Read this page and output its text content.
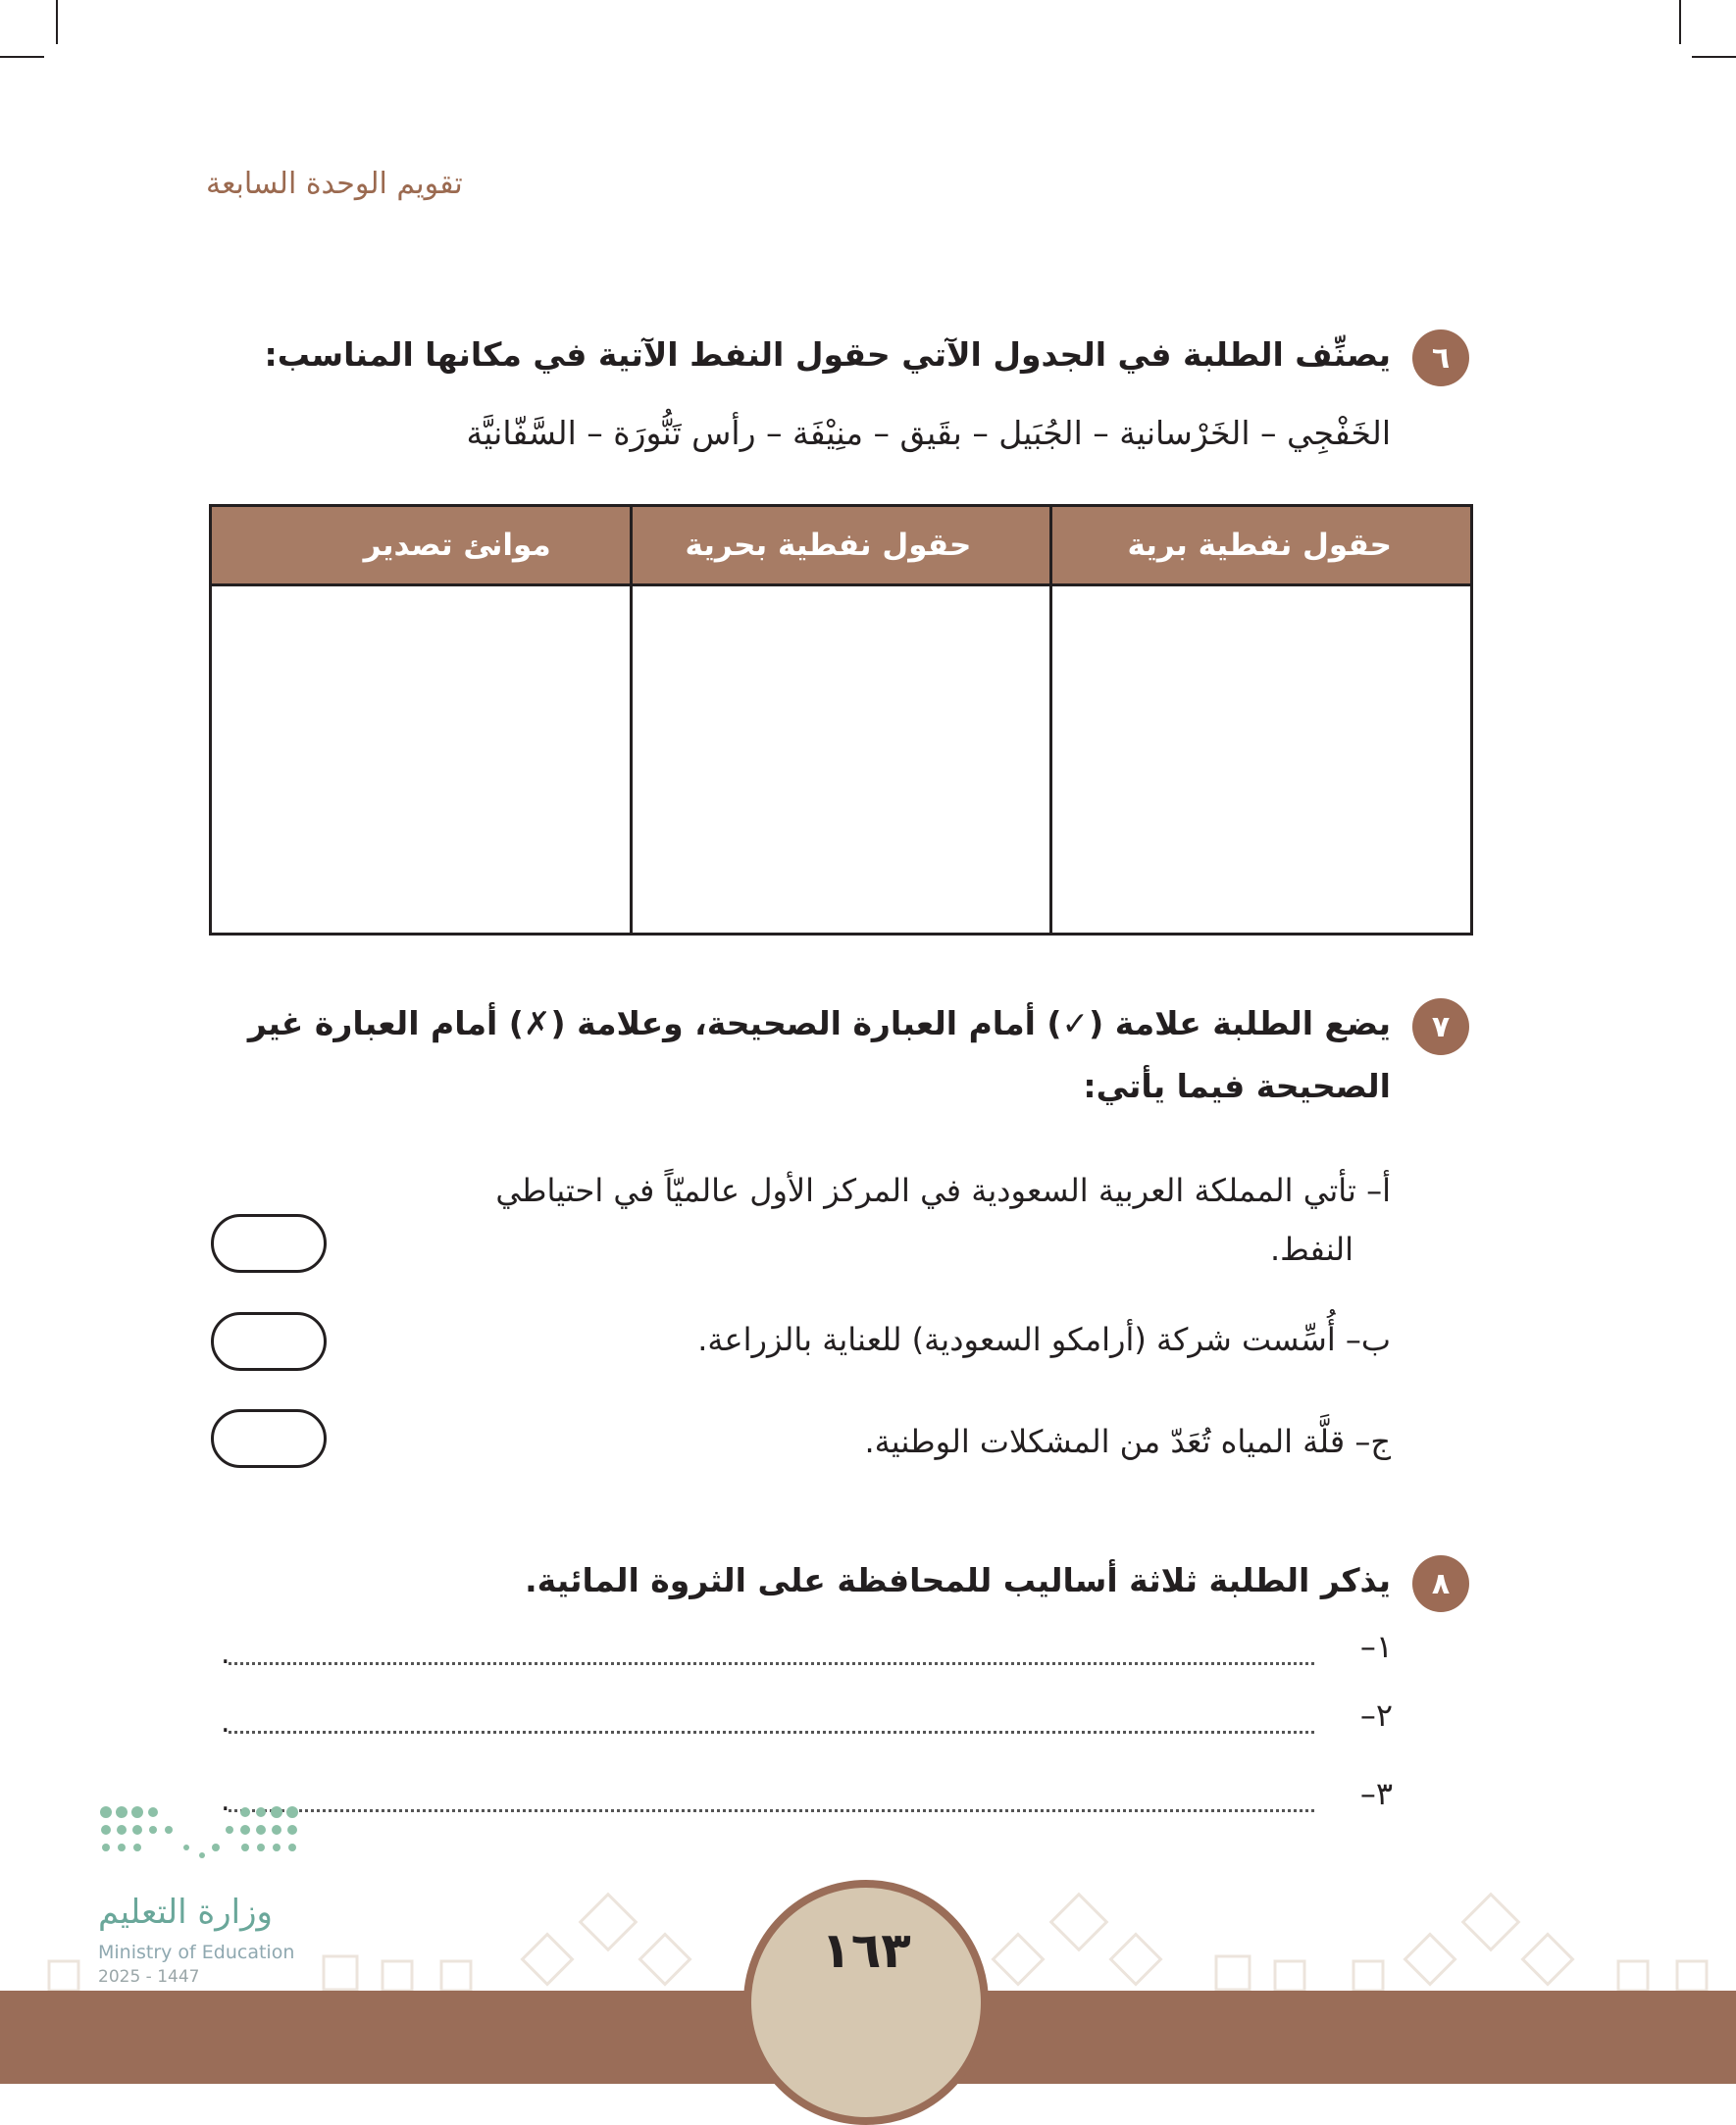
تقويم الوحدة السابعة
٦
يصنِّف الطلبة في الجدول الآتي حقول النفط الآتية في مكانها المناسب:
الخَفْجِي – الخَرْسانية – الجُبَيل – بقَيق – منِيْفَة – رأس تَنُّورَة – السَّفّانيَّة
حقول نفطية برية	حقول نفطية بحرية	موانئ تصدير

٧
يضع الطلبة علامة (✓) أمام العبارة الصحيحة، وعلامة (✗) أمام العبارة غير
الصحيحة فيما يأتي:
أ– تأتي المملكة العربية السعودية في المركز الأول عالميّاً في احتياطي
النفط.
ب– أُسِّست شركة (أرامكو السعودية) للعناية بالزراعة.
ج– قلَّة المياه تُعَدّ من المشكلات الوطنية.
٨
يذكر الطلبة ثلاثة أساليب للمحافظة على الثروة المائية.
١–
.
٢–
.
٣–
.
وزارة التعليم
Ministry of Education
2025 - 1447	١٦٣
